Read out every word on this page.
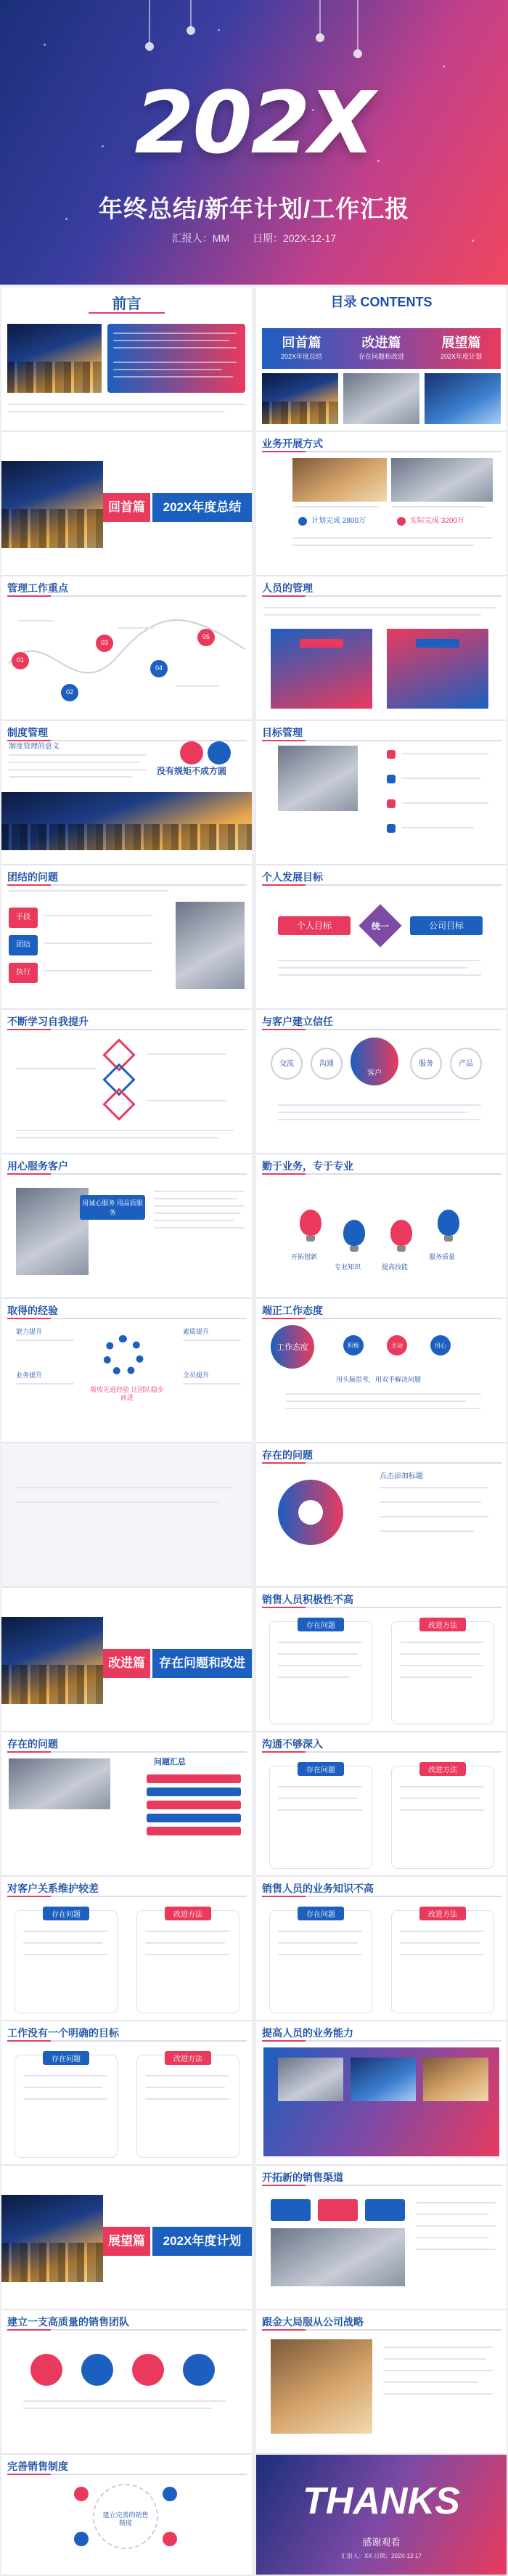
202X
年终总结/新年计划/工作汇报
汇报人：MM 日期：202X-12-17
前言	目录 CONTENTS
回首篇
202X年度总结
改进篇
存在问题和改进
展望篇
202X年度计划
回首篇	202X年度总结
业务开展方式
计划完成 2800万	实际完成 3200万
管理工作重点
01
02
03
04
05
人员的管理
制度管理
制度管理的意义
没有规矩不成方圆
目标管理
团结的问题
手段
团结
执行
个人发展目标
个人目标	公司目标
统一
不断学习自我提升	与客户建立信任
交流	沟通
客户
服务	产品
用心服务客户
用诚心服务 用品质服务
勤于业务，专于专业
开拓创新
专业知识	提高技能
服务质量
取得的经验
能力提升	素质提升
业务提升	全员提升
吸收先进经验 让团队稳步前进
端正工作态度
工作态度	积极	主动	用心
用头脑思考，用双手解决问题
存在的问题
点击添加标题
改进篇	存在问题和改进
销售人员积极性不高
存在问题	改进方法
存在的问题
问题汇总
沟通不够深入
存在问题	改进方法
对客户关系维护较差
存在问题	改进方法
销售人员的业务知识不高
存在问题	改进方法
工作没有一个明确的目标
存在问题	改进方法
提高人员的业务能力
展望篇	202X年度计划
开拓新的销售渠道
建立一支高质量的销售团队	跟金大局服从公司战略
完善销售制度
建立完善的销售制度
THANKS
感谢观看
汇报人：XX 日期：202X-12-17
